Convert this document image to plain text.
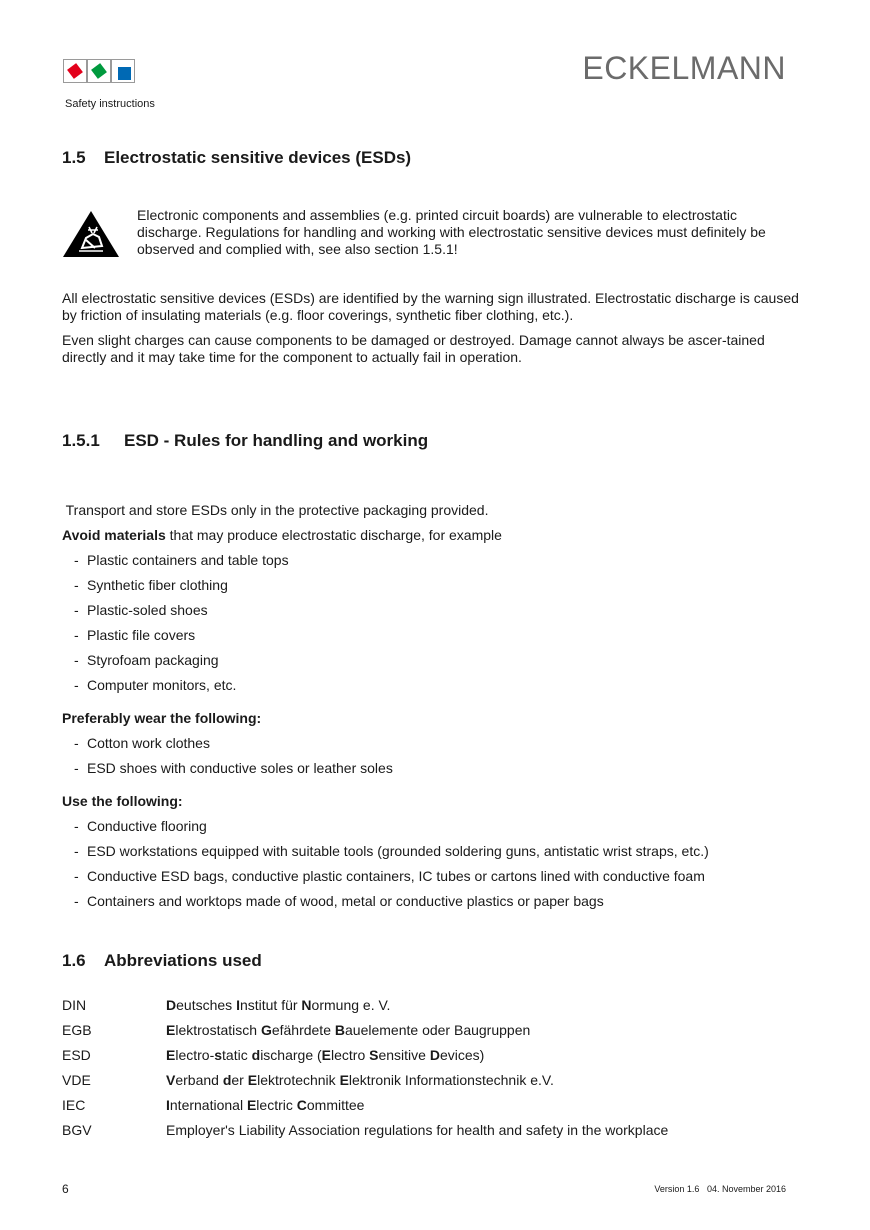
Safety instructions
ECKELMANN
1.5 Electrostatic sensitive devices (ESDs)

Electronic components and assemblies (e.g. printed circuit boards) are vulnerable to electrostatic discharge. Regulations for handling and working with electrostatic sensitive devices must definitely be observed and complied with, see also section 1.5.1!

All electrostatic sensitive devices (ESDs) are identified by the warning sign illustrated. Electrostatic discharge is caused by friction of insulating materials (e.g. floor coverings, synthetic fiber clothing, etc.).

Even slight charges can cause components to be damaged or destroyed. Damage cannot always be ascer-tained directly and it may take time for the component to actually fail in operation.

1.5.1 ESD - Rules for handling and working
Transport and store ESDs only in the protective packaging provided.
Avoid materials that may produce electrostatic discharge, for example
- Plastic containers and table tops
- Synthetic fiber clothing
- Plastic-soled shoes
- Plastic file covers
- Styrofoam packaging
- Computer monitors, etc.
Preferably wear the following:
- Cotton work clothes
- ESD shoes with conductive soles or leather soles
Use the following:
- Conductive flooring
- ESD workstations equipped with suitable tools (grounded soldering guns, antistatic wrist straps, etc.)
- Conductive ESD bags, conductive plastic containers, IC tubes or cartons lined with conductive foam
- Containers and worktops made of wood, metal or conductive plastics or paper bags
1.6 Abbreviations used
DIN	Deutsches Institut für Normung e. V.
EGB	Elektrostatisch Gefährdete Bauelemente oder Baugruppen
ESD	Electro-static discharge (Electro Sensitive Devices)
VDE	Verband der Elektrotechnik Elektronik Informationstechnik e.V.
IEC	International Electric Committee
BGV	Employer's Liability Association regulations for health and safety in the workplace
6	Version 1.6   04. November 2016
